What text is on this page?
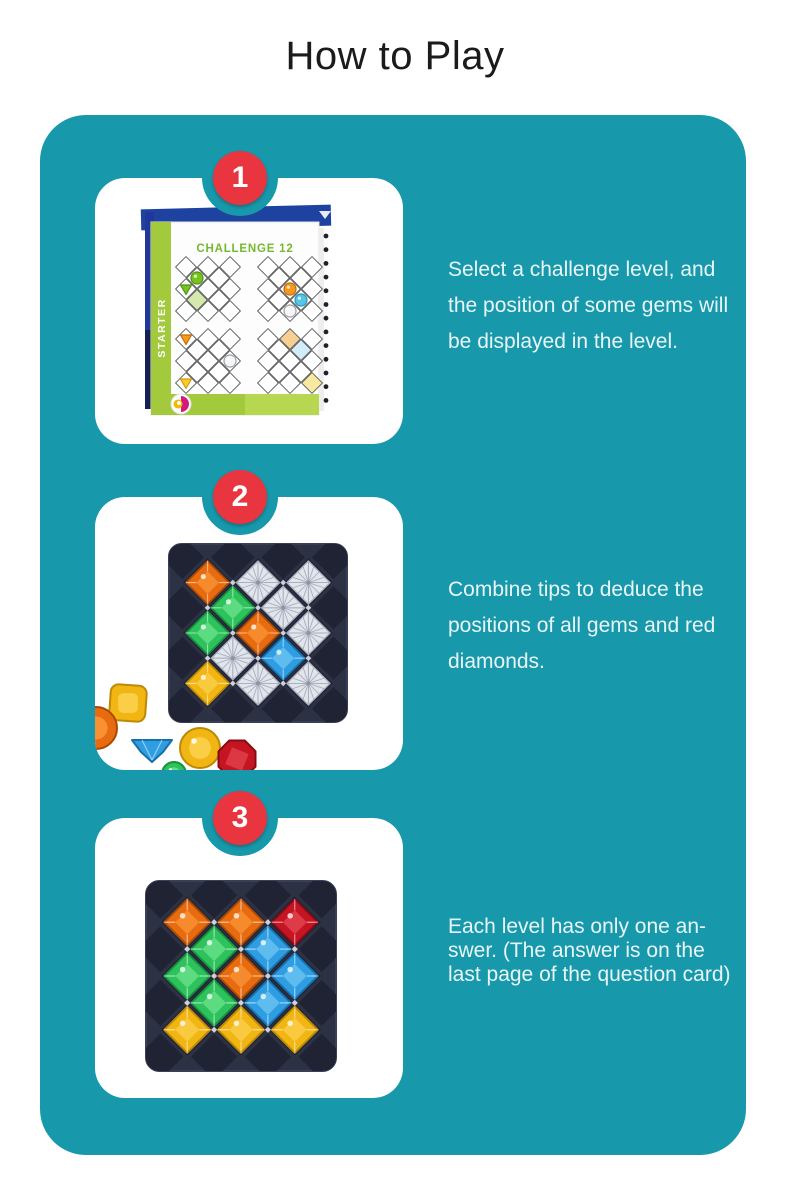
How to Play
CHALLENGE 12
STARTER
1
2
3
Select a challenge level, and
the position of some gems will
be displayed in the level.
Combine tips to deduce the
positions of all gems and red
diamonds.
Each level has only one an-
swer. (The answer is on the
last page of the question card)
